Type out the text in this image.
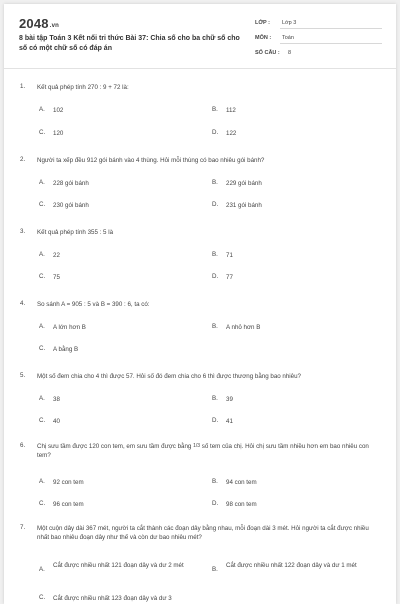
2048.vn
8 bài tập Toán 3 Kết nối tri thức Bài 37: Chia số cho ba chữ số cho số có một chữ số có đáp án
LỚP : Lớp 3
MÔN : Toán
SỐ CÂU : 8
1. Kết quả phép tính 270 : 9 + 72 là:
A. 102	B. 112
C. 120	D. 122
2. Người ta xếp đều 912 gói bánh vào 4 thùng. Hỏi mỗi thùng có bao nhiêu gói bánh?
A. 228 gói bánh	B. 229 gói bánh
C. 230 gói bánh	D. 231 gói bánh
3. Kết quả phép tính 355 : 5 là
A. 22	B. 71
C. 75	D. 77
4. So sánh A = 905 : 5 và B = 390 : 6, ta có:
A. A lớn hơn B	B. A nhỏ hơn B
C. A bằng B
5. Một số đem chia cho 4 thì được 57. Hỏi số đó đem chia cho 6 thì được thương bằng bao nhiêu?
A. 38	B. 39
C. 40	D. 41
6. Chị sưu tầm được 120 con tem, em sưu tầm được bằng 1/3 số tem của chị. Hỏi chị sưu tầm nhiều hơn em bao nhiêu con tem?
A. 92 con tem	B. 94 con tem
C. 96 con tem	D. 98 con tem
7. Một cuộn dây dài 367 mét, người ta cắt thành các đoạn dây bằng nhau, mỗi đoạn dài 3 mét. Hỏi người ta cắt được nhiều nhất bao nhiêu đoạn dây như thế và còn dư bao nhiêu mét?
A.
Cắt được nhiều nhất 121 đoạn dây và dư 2 mét
B.
Cắt được nhiều nhất 122 đoạn dây và dư 1 mét
C. Cắt được nhiều nhất 123 đoạn dây và dư 3
